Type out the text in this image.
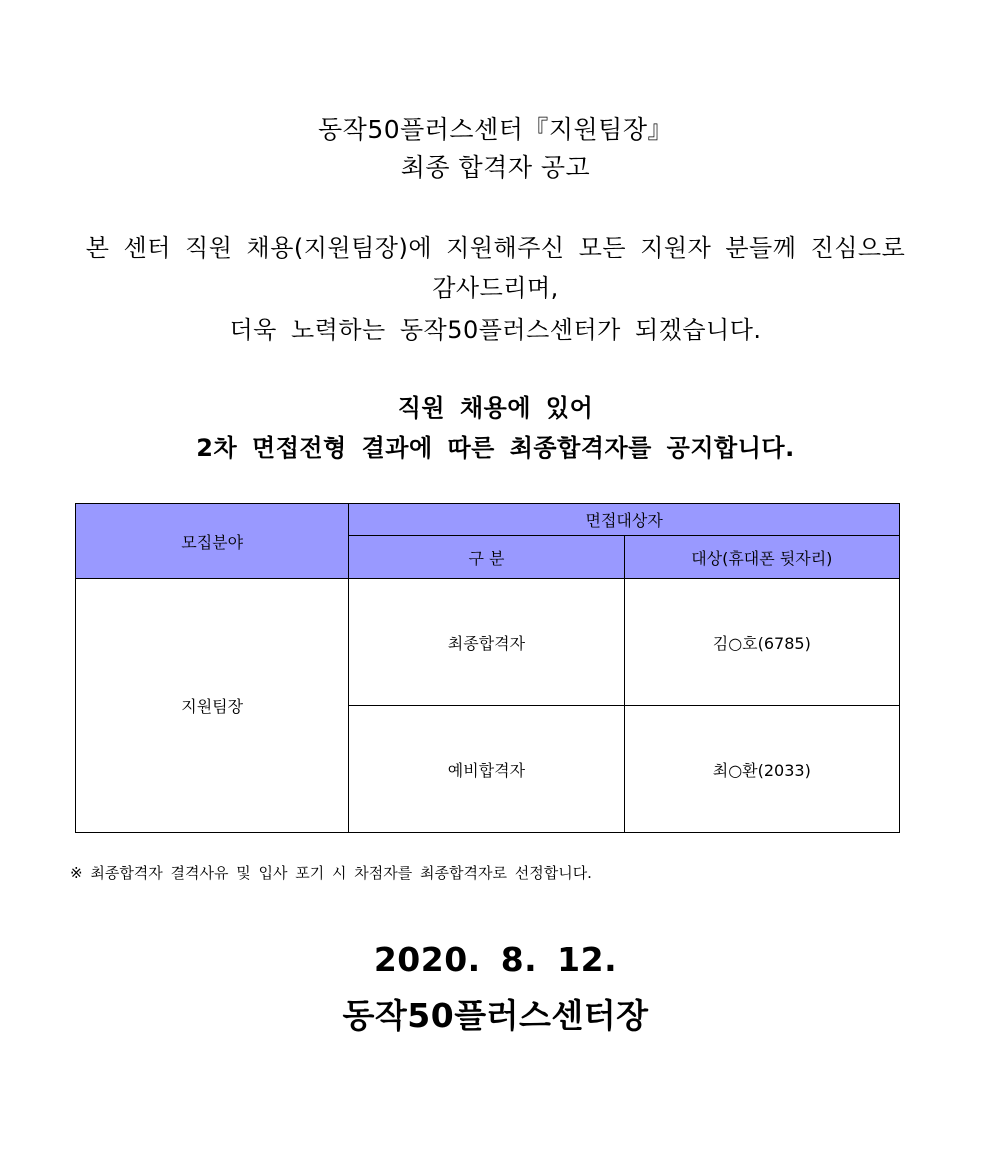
동작50플러스센터『지원팀장』
최종 합격자 공고
본 센터 직원 채용(지원팀장)에 지원해주신 모든 지원자 분들께 진심으로
감사드리며,
더욱 노력하는 동작50플러스센터가 되겠습니다.
직원 채용에 있어
2차 면접전형 결과에 따른 최종합격자를 공지합니다.
모집분야	면접대상자	
	구 분	대상(휴대폰 뒷자리)
지원팀장	최종합격자	김○호(6785)
	예비합격자	최○환(2033)
※ 최종합격자 결격사유 및 입사 포기 시 차점자를 최종합격자로 선정합니다.
2020. 8. 12.
동작50플러스센터장
